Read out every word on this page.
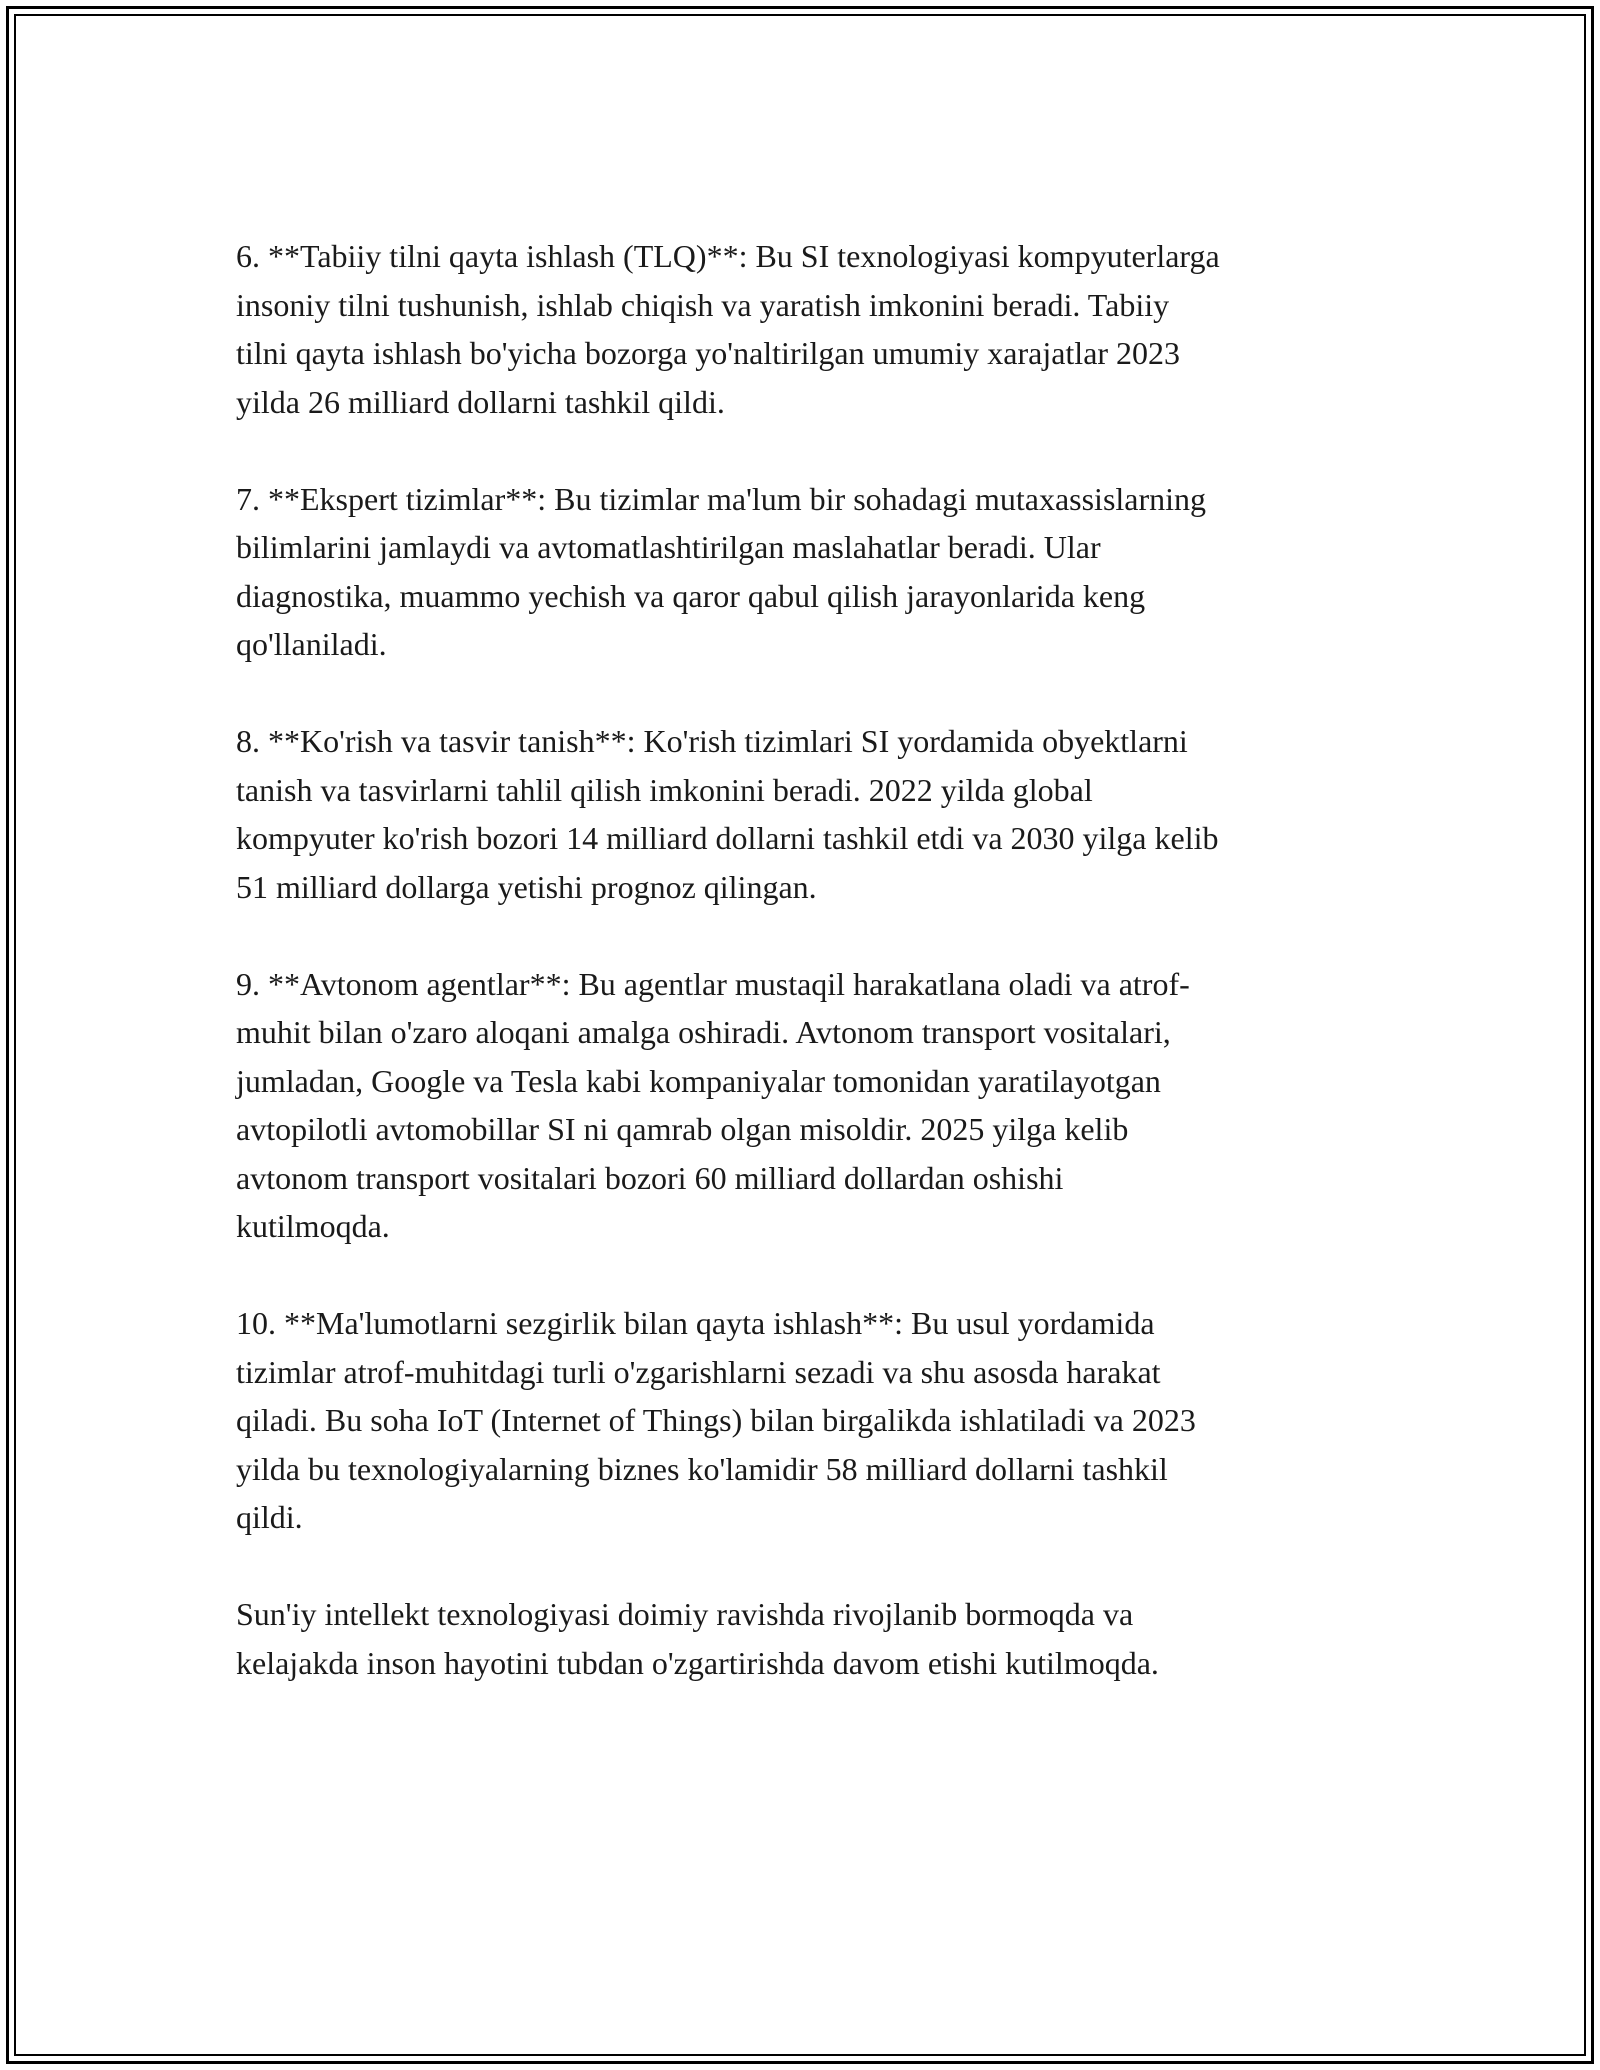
6. **Tabiiy tilni qayta ishlash (TLQ)**: Bu SI texnologiyasi kompyuterlarga
insoniy tilni tushunish, ishlab chiqish va yaratish imkonini beradi. Tabiiy
tilni qayta ishlash bo'yicha bozorga yo'naltirilgan umumiy xarajatlar 2023
yilda 26 milliard dollarni tashkil qildi.

7. **Ekspert tizimlar**: Bu tizimlar ma'lum bir sohadagi mutaxassislarning
bilimlarini jamlaydi va avtomatlashtirilgan maslahatlar beradi. Ular
diagnostika, muammo yechish va qaror qabul qilish jarayonlarida keng
qo'llaniladi.

8. **Ko'rish va tasvir tanish**: Ko'rish tizimlari SI yordamida obyektlarni
tanish va tasvirlarni tahlil qilish imkonini beradi. 2022 yilda global
kompyuter ko'rish bozori 14 milliard dollarni tashkil etdi va 2030 yilga kelib
51 milliard dollarga yetishi prognoz qilingan.

9. **Avtonom agentlar**: Bu agentlar mustaqil harakatlana oladi va atrof-
muhit bilan o'zaro aloqani amalga oshiradi. Avtonom transport vositalari,
jumladan, Google va Tesla kabi kompaniyalar tomonidan yaratilayotgan
avtopilotli avtomobillar SI ni qamrab olgan misoldir. 2025 yilga kelib
avtonom transport vositalari bozori 60 milliard dollardan oshishi
kutilmoqda.

10. **Ma'lumotlarni sezgirlik bilan qayta ishlash**: Bu usul yordamida
tizimlar atrof-muhitdagi turli o'zgarishlarni sezadi va shu asosda harakat
qiladi. Bu soha IoT (Internet of Things) bilan birgalikda ishlatiladi va 2023
yilda bu texnologiyalarning biznes ko'lamidir 58 milliard dollarni tashkil
qildi.

Sun'iy intellekt texnologiyasi doimiy ravishda rivojlanib bormoqda va
kelajakda inson hayotini tubdan o'zgartirishda davom etishi kutilmoqda.
